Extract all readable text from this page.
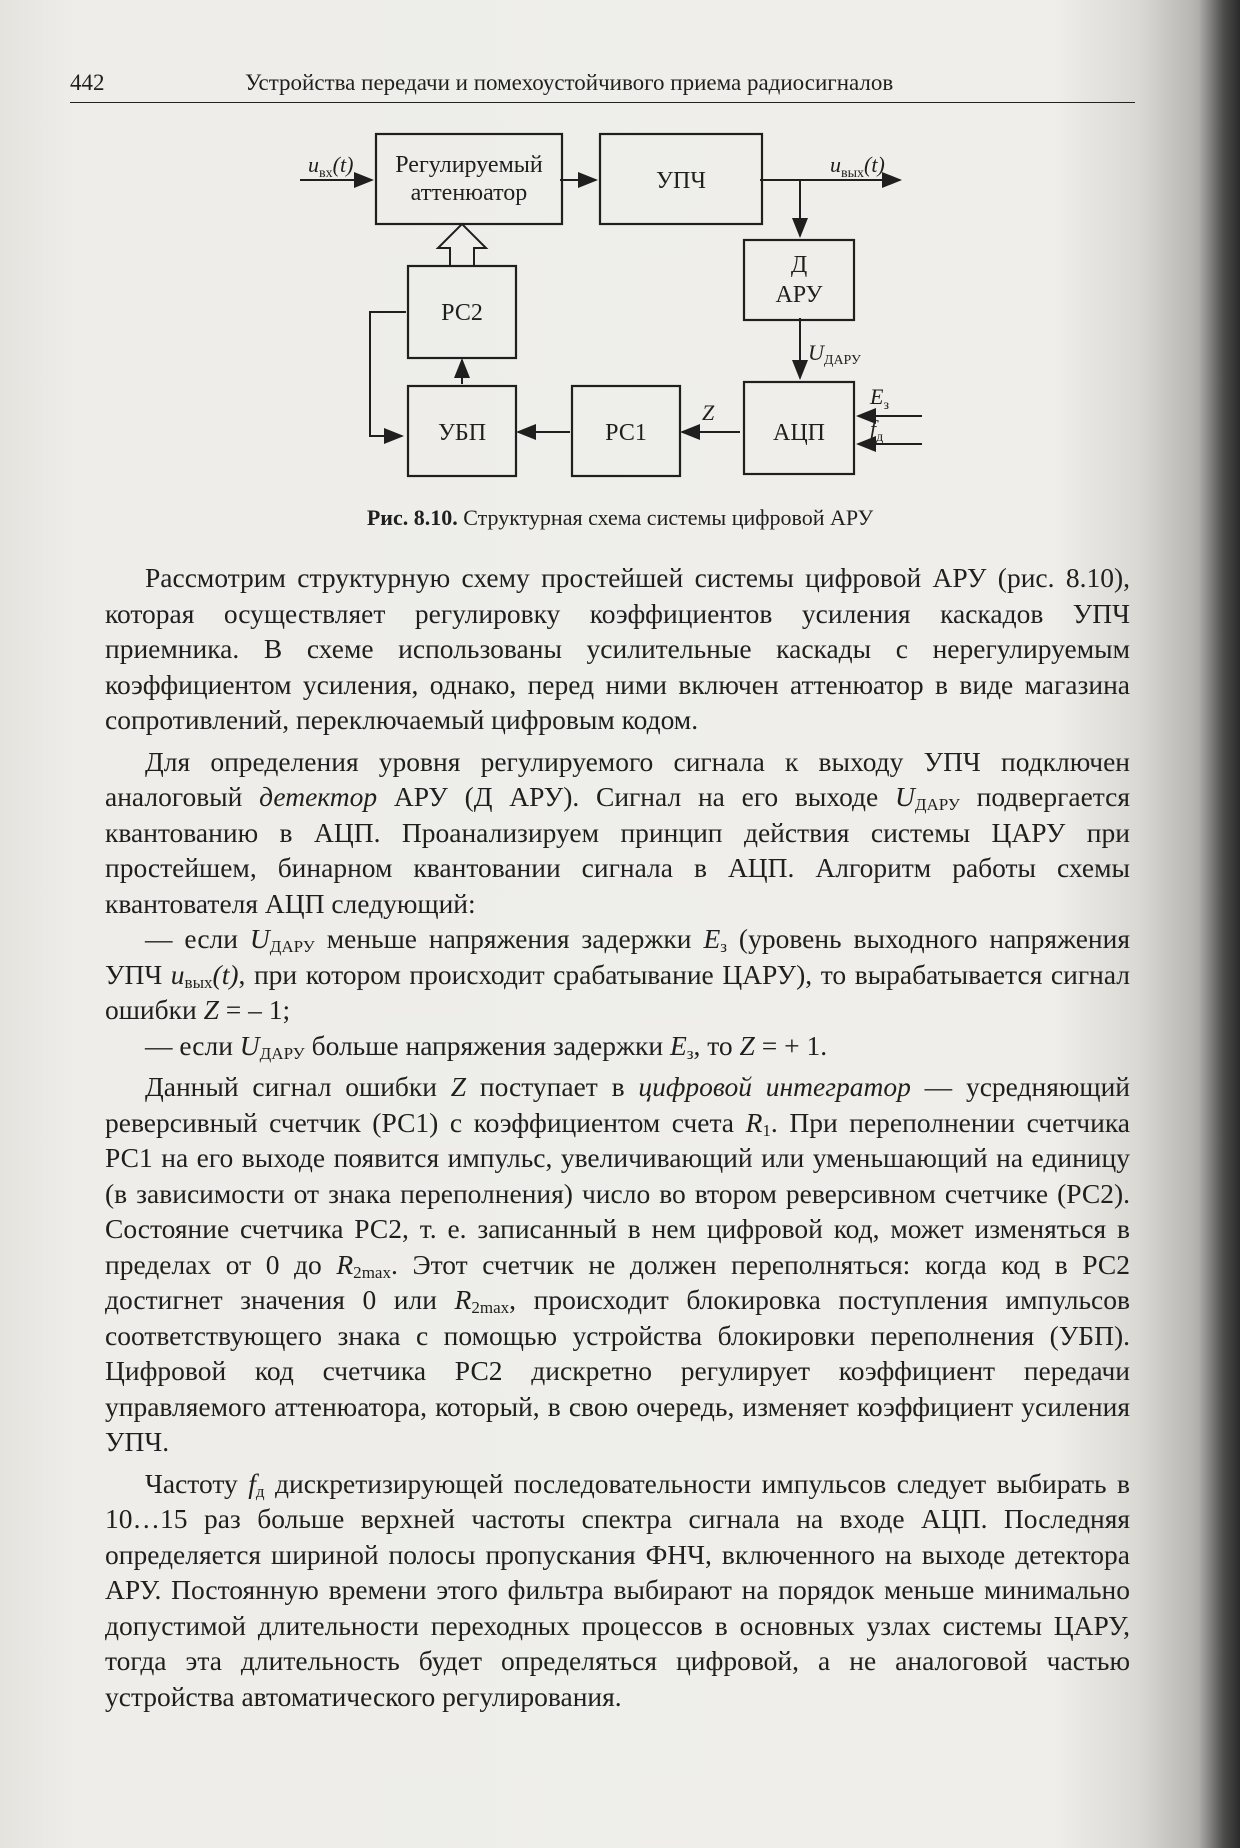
442	Устройства передачи и помехоустойчивого приема радиосигналов
Регулируемый
аттенюатор	УПЧ
Д
АРУ
РС2
УБП	РС1	АЦП
$u_{вх}(t)$	$u_{вых}(t)$
UДАРУ
Z
$E_з$
$f_д$
Рис. 8.10. Структурная схема системы цифровой АРУ

Рассмотрим структурную схему простейшей системы цифровой АРУ (рис. 8.10), которая осуществляет регулировку коэффициентов усиления каскадов УПЧ приемника. В схеме использованы усилительные каскады с нерегулируемым коэффициентом усиления, однако, перед ними включен аттенюатор в виде магазина сопротивлений, переключаемый цифровым кодом.

Для определения уровня регулируемого сигнала к выходу УПЧ подключен аналоговый детектор АРУ (Д АРУ). Сигнал на его выходе $U_{ДАРУ}$ подвергается квантованию в АЦП. Проанализируем принцип действия системы ЦАРУ при простейшем, бинарном квантовании сигнала в АЦП. Алгоритм работы схемы квантователя АЦП следующий:

— если $U_{ДАРУ}$ меньше напряжения задержки $E_з$ (уровень выходного напряжения УПЧ $u_{вых}(t)$, при котором происходит срабатывание ЦАРУ), то вырабатывается сигнал ошибки Z = – 1;

— если $U_{ДАРУ}$ больше напряжения задержки $E_з$, то Z = + 1.

Данный сигнал ошибки Z поступает в цифровой интегратор — усредняющий реверсивный счетчик (РС1) с коэффициентом счета $R_1$. При переполнении счетчика РС1 на его выходе появится импульс, увеличивающий или уменьшающий на единицу (в зависимости от знака переполнения) число во втором реверсивном счетчике (РС2). Состояние счетчика РС2, т. е. записанный в нем цифровой код, может изменяться в пределах от 0 до $R_{2max}$. Этот счетчик не должен переполняться: когда код в РС2 достигнет значения 0 или $R_{2max}$, происходит блокировка поступления импульсов соответствующего знака с помощью устройства блокировки переполнения (УБП). Цифровой код счетчика РС2 дискретно регулирует коэффициент передачи управляемого аттенюатора, который, в свою очередь, изменяет коэффициент усиления УПЧ.

Частоту $f_д$ дискретизирующей последовательности импульсов следует выбирать в 10…15 раз больше верхней частоты спектра сигнала на входе АЦП. Последняя определяется шириной полосы пропускания ФНЧ, включенного на выходе детектора АРУ. Постоянную времени этого фильтра выбирают на порядок меньше минимально допустимой длительности переходных процессов в основных узлах системы ЦАРУ, тогда эта длительность будет определяться цифровой, а не аналоговой частью устройства автоматического регулирования.
